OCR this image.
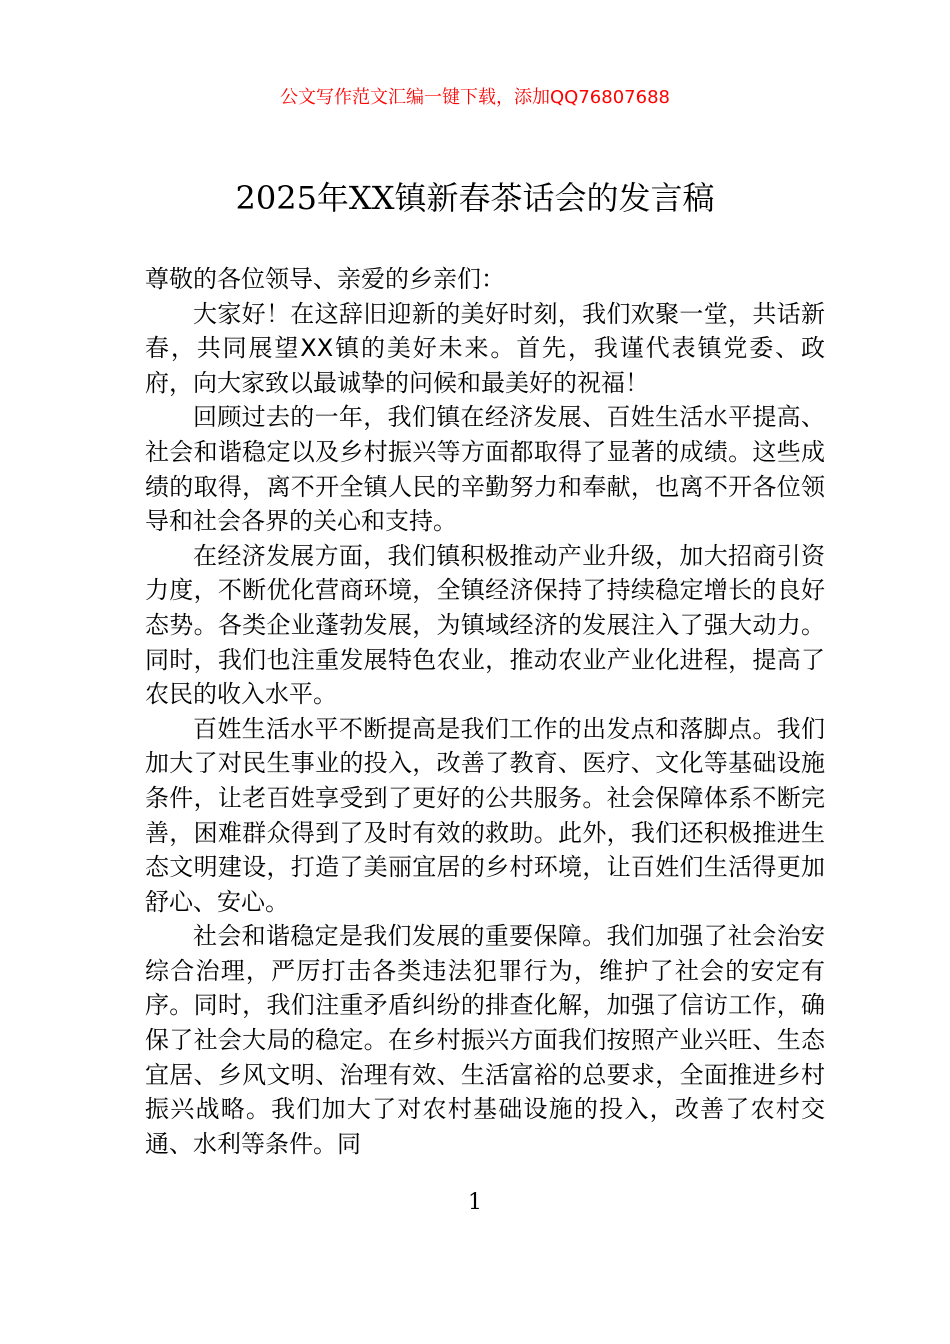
公文写作范文汇编一键下载，添加QQ76807688
2025年XX镇新春茶话会的发言稿

尊敬的各位领导、亲爱的乡亲们：

大家好！在这辞旧迎新的美好时刻，我们欢聚一堂，共话新春，共同展望XX镇的美好未来。首先，我谨代表镇党委、政府，向大家致以最诚挚的问候和最美好的祝福！

回顾过去的一年，我们镇在经济发展、百姓生活水平提高、社会和谐稳定以及乡村振兴等方面都取得了显著的成绩。这些成绩的取得，离不开全镇人民的辛勤努力和奉献，也离不开各位领导和社会各界的关心和支持。

在经济发展方面，我们镇积极推动产业升级，加大招商引资力度，不断优化营商环境，全镇经济保持了持续稳定增长的良好态势。各类企业蓬勃发展，为镇域经济的发展注入了强大动力。同时，我们也注重发展特色农业，推动农业产业化进程，提高了农民的收入水平。

百姓生活水平不断提高是我们工作的出发点和落脚点。我们加大了对民生事业的投入，改善了教育、医疗、文化等基础设施条件，让老百姓享受到了更好的公共服务。社会保障体系不断完善，困难群众得到了及时有效的救助。此外，我们还积极推进生态文明建设，打造了美丽宜居的乡村环境，让百姓们生活得更加舒心、安心。

社会和谐稳定是我们发展的重要保障。我们加强了社会治安综合治理，严厉打击各类违法犯罪行为，维护了社会的安定有序。同时，我们注重矛盾纠纷的排查化解，加强了信访工作，确保了社会大局的稳定。在乡村振兴方面我们按照产业兴旺、生态宜居、乡风文明、治理有效、生活富裕的总要求，全面推进乡村振兴战略。我们加大了对农村基础设施的投入，改善了农村交通、水利等条件。同

1
